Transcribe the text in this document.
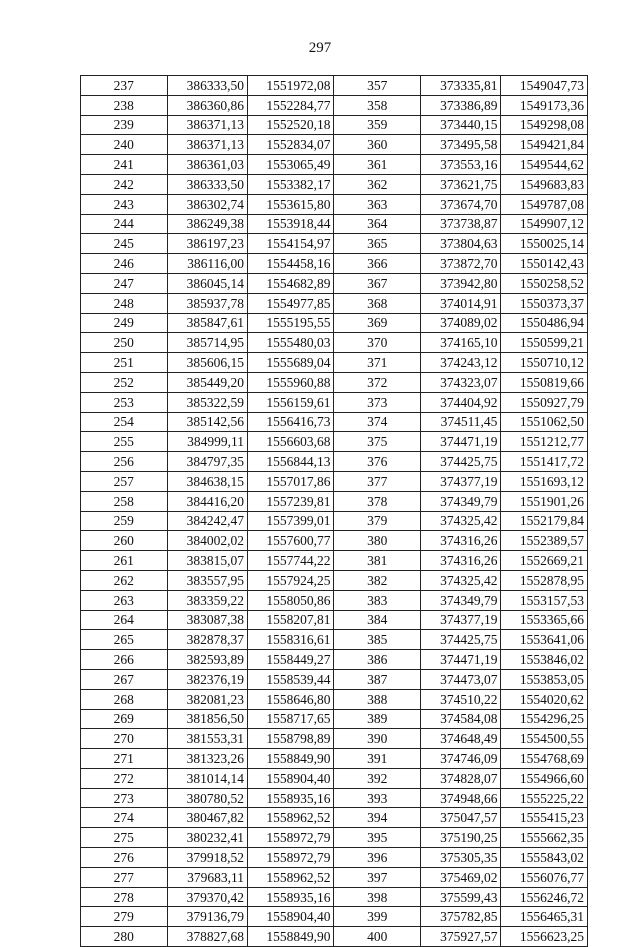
297
237	386333,50	1551972,08	357	373335,81	1549047,73
238	386360,86	1552284,77	358	373386,89	1549173,36
239	386371,13	1552520,18	359	373440,15	1549298,08
240	386371,13	1552834,07	360	373495,58	1549421,84
241	386361,03	1553065,49	361	373553,16	1549544,62
242	386333,50	1553382,17	362	373621,75	1549683,83
243	386302,74	1553615,80	363	373674,70	1549787,08
244	386249,38	1553918,44	364	373738,87	1549907,12
245	386197,23	1554154,97	365	373804,63	1550025,14
246	386116,00	1554458,16	366	373872,70	1550142,43
247	386045,14	1554682,89	367	373942,80	1550258,52
248	385937,78	1554977,85	368	374014,91	1550373,37
249	385847,61	1555195,55	369	374089,02	1550486,94
250	385714,95	1555480,03	370	374165,10	1550599,21
251	385606,15	1555689,04	371	374243,12	1550710,12
252	385449,20	1555960,88	372	374323,07	1550819,66
253	385322,59	1556159,61	373	374404,92	1550927,79
254	385142,56	1556416,73	374	374511,45	1551062,50
255	384999,11	1556603,68	375	374471,19	1551212,77
256	384797,35	1556844,13	376	374425,75	1551417,72
257	384638,15	1557017,86	377	374377,19	1551693,12
258	384416,20	1557239,81	378	374349,79	1551901,26
259	384242,47	1557399,01	379	374325,42	1552179,84
260	384002,02	1557600,77	380	374316,26	1552389,57
261	383815,07	1557744,22	381	374316,26	1552669,21
262	383557,95	1557924,25	382	374325,42	1552878,95
263	383359,22	1558050,86	383	374349,79	1553157,53
264	383087,38	1558207,81	384	374377,19	1553365,66
265	382878,37	1558316,61	385	374425,75	1553641,06
266	382593,89	1558449,27	386	374471,19	1553846,02
267	382376,19	1558539,44	387	374473,07	1553853,05
268	382081,23	1558646,80	388	374510,22	1554020,62
269	381856,50	1558717,65	389	374584,08	1554296,25
270	381553,31	1558798,89	390	374648,49	1554500,55
271	381323,26	1558849,90	391	374746,09	1554768,69
272	381014,14	1558904,40	392	374828,07	1554966,60
273	380780,52	1558935,16	393	374948,66	1555225,22
274	380467,82	1558962,52	394	375047,57	1555415,23
275	380232,41	1558972,79	395	375190,25	1555662,35
276	379918,52	1558972,79	396	375305,35	1555843,02
277	379683,11	1558962,52	397	375469,02	1556076,77
278	379370,42	1558935,16	398	375599,43	1556246,72
279	379136,79	1558904,40	399	375782,85	1556465,31
280	378827,68	1558849,90	400	375927,57	1556623,25
